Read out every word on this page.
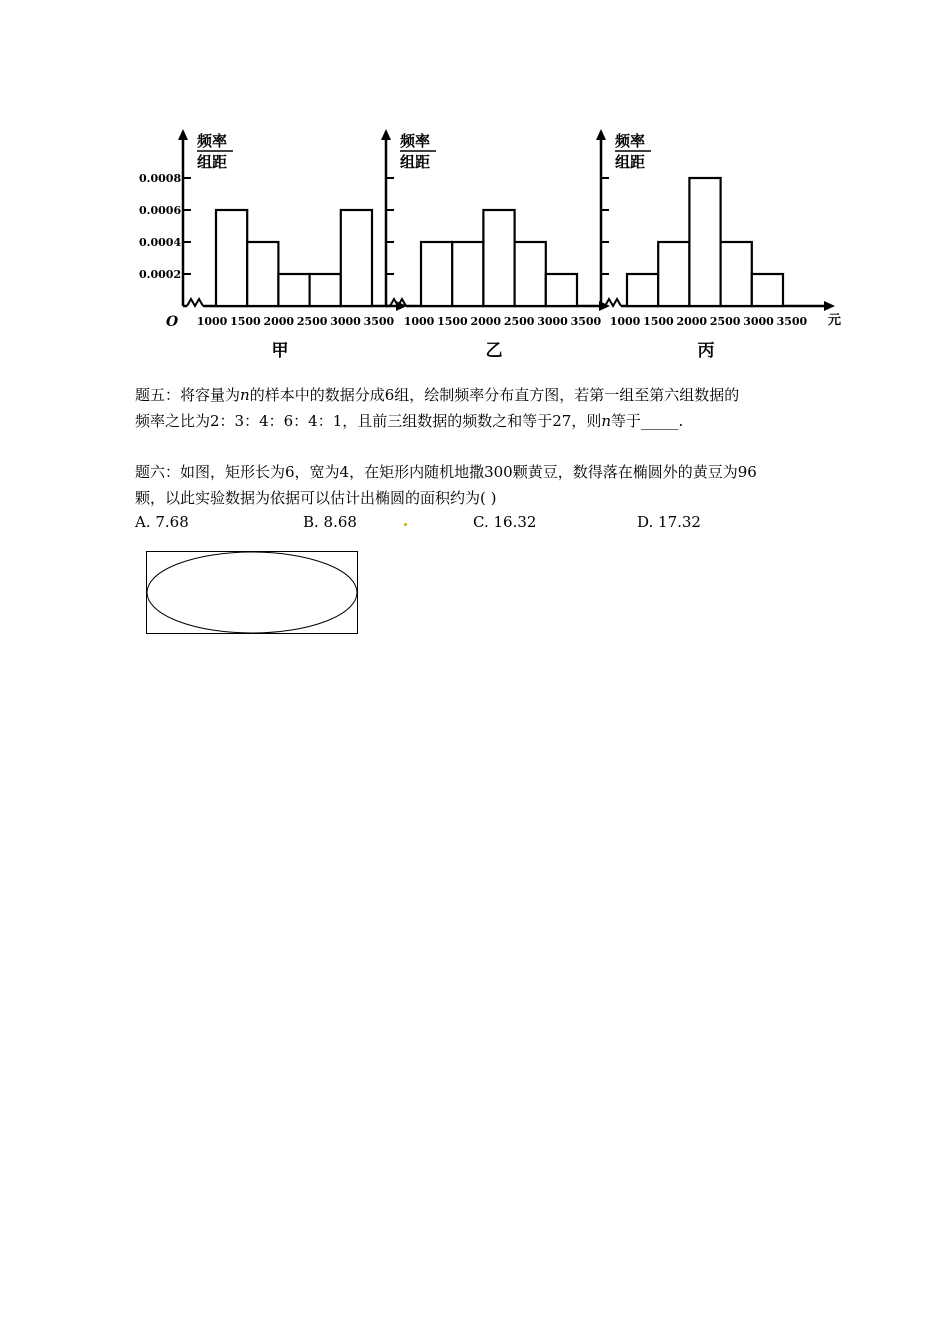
0.0008
0.0006
0.0004
0.0002
O
频率
组距
1000 1500 2000 2500 3000 3500
甲
频率
组距
1000 1500 2000 2500 3000 3500
乙
频率
组距
1000 1500 2000 2500 3000 3500 元
丙

题五：将容量为n的样本中的数据分成6组，绘制频率分布直方图，若第一组至第六组数据的

频率之比为2：3：4：6：4：1，且前三组数据的频数之和等于27，则n等于_____.

题六：如图，矩形长为6，宽为4，在矩形内随机地撒300颗黄豆，数得落在椭圆外的黄豆为96

颗，以此实验数据为依据可以估计出椭圆的面积约为( )

A. 7.68	B. 8.68	C. 16.32	D. 17.32
